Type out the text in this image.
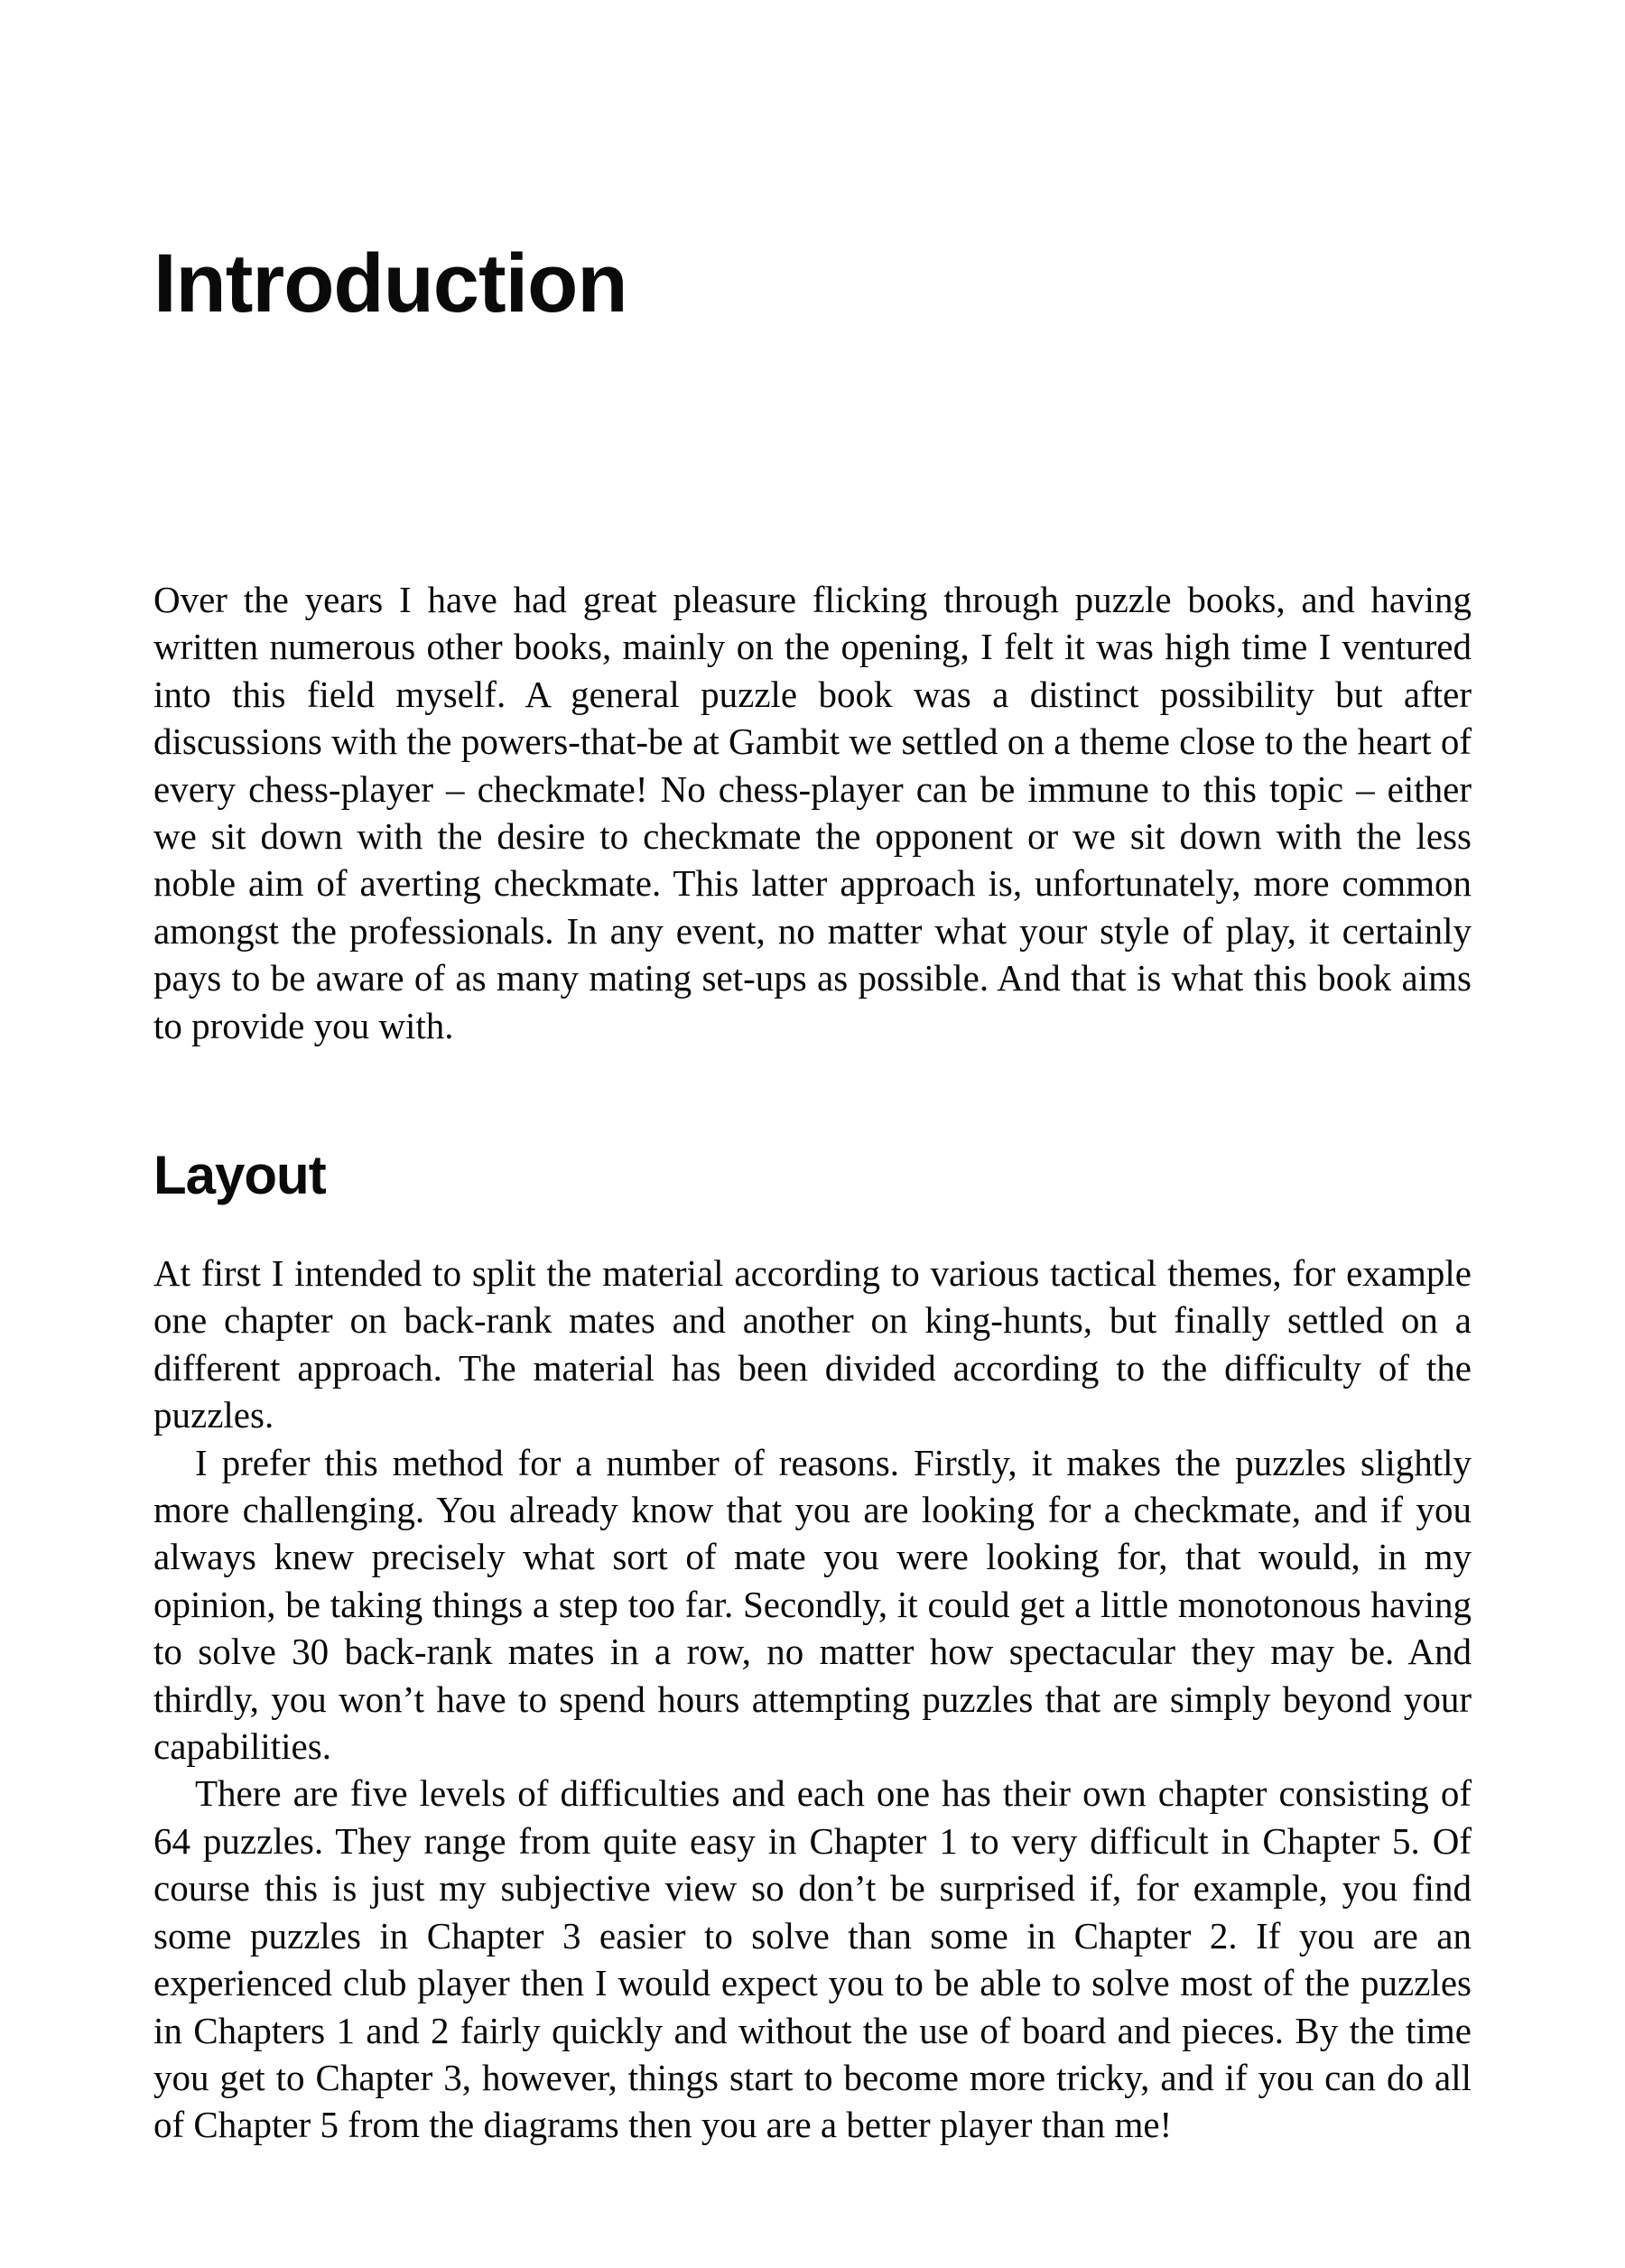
Introduction

Over the years I have had great pleasure flicking through puzzle books, and having written numerous other books, mainly on the opening, I felt it was high time I ventured into this field myself. A general puzzle book was a distinct possibility but after discussions with the powers-that-be at Gambit we settled on a theme close to the heart of every chess-player – checkmate! No chess-player can be immune to this topic – either we sit down with the desire to checkmate the opponent or we sit down with the less noble aim of averting checkmate. This latter approach is, unfortunately, more common amongst the professionals. In any event, no matter what your style of play, it certainly pays to be aware of as many mating set-ups as possible. And that is what this book aims to provide you with.

Layout

At first I intended to split the material according to various tactical themes, for example one chapter on back-rank mates and another on king-hunts, but finally settled on a different approach. The material has been divided according to the difficulty of the puzzles.

I prefer this method for a number of reasons. Firstly, it makes the puzzles slightly more challenging. You already know that you are looking for a checkmate, and if you always knew precisely what sort of mate you were looking for, that would, in my opinion, be taking things a step too far. Secondly, it could get a little monotonous having to solve 30 back-rank mates in a row, no matter how spectacular they may be. And thirdly, you won’t have to spend hours attempting puzzles that are simply beyond your capabilities.

There are five levels of difficulties and each one has their own chapter consisting of 64 puzzles. They range from quite easy in Chapter 1 to very difficult in Chapter 5. Of course this is just my subjective view so don’t be surprised if, for example, you find some puzzles in Chapter 3 easier to solve than some in Chapter 2. If you are an experienced club player then I would expect you to be able to solve most of the puzzles in Chapters 1 and 2 fairly quickly and without the use of board and pieces. By the time you get to Chapter 3, however, things start to become more tricky, and if you can do all of Chapter 5 from the diagrams then you are a better player than me!
